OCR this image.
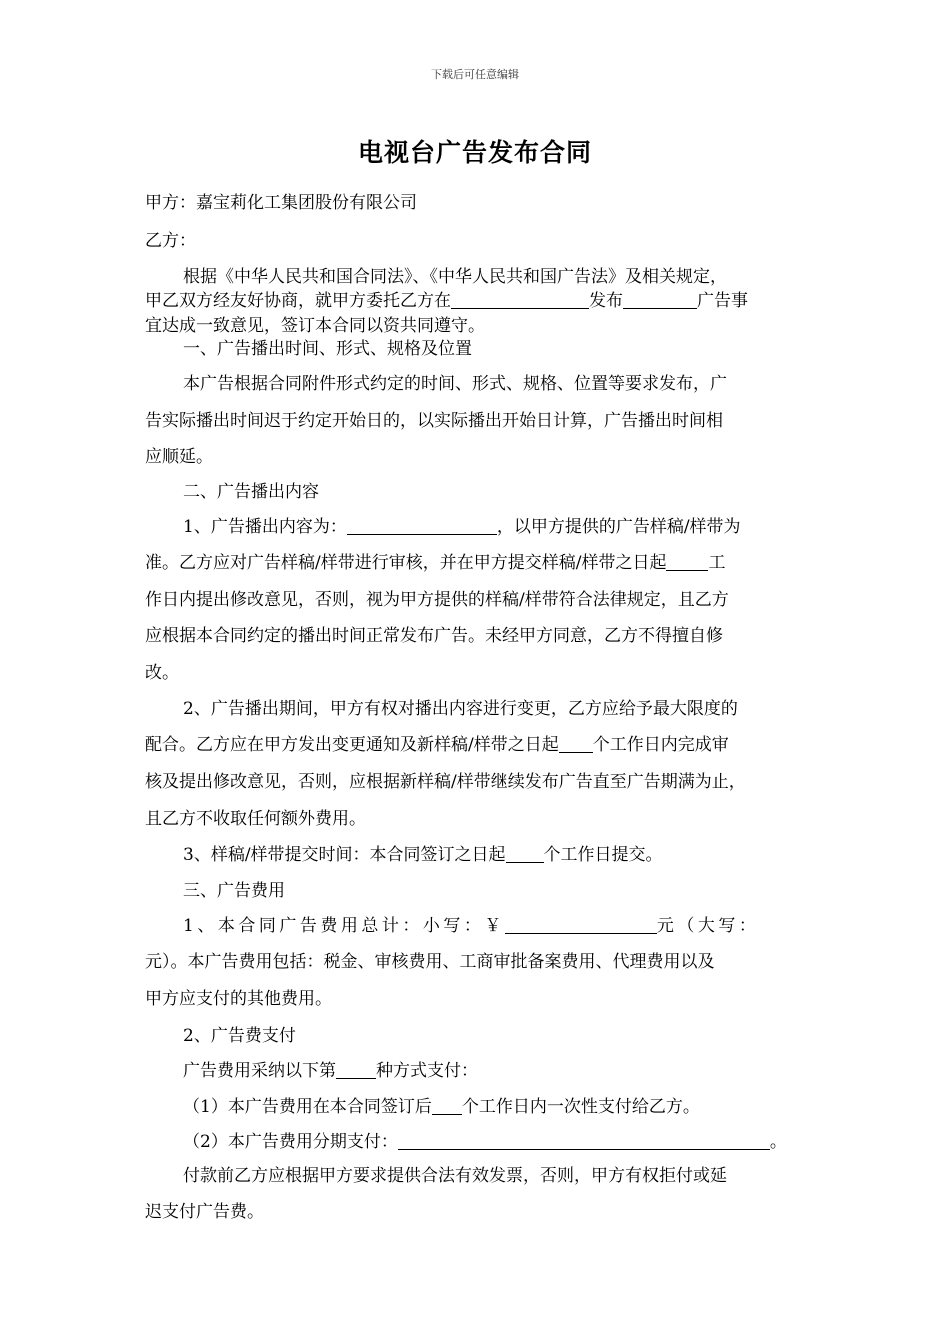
下载后可任意编辑
电视台广告发布合同
甲方：嘉宝莉化工集团股份有限公司
乙方：
根据《中华人民共和国合同法》、《中华人民共和国广告法》及相关规定，
甲乙双方经友好协商，就甲方委托乙方在	发布	广告事
宜达成一致意见，签订本合同以资共同遵守。
一、广告播出时间、形式、规格及位置
本广告根据合同附件形式约定的时间、形式、规格、位置等要求发布，广
告实际播出时间迟于约定开始日的，以实际播出开始日计算，广告播出时间相
应顺延。
二、广告播出内容
1、广告播出内容为：	，以甲方提供的广告样稿/样带为
准。乙方应对广告样稿/样带进行审核，并在甲方提交样稿/样带之日起 工
作日内提出修改意见，否则，视为甲方提供的样稿/样带符合法律规定，且乙方
应根据本合同约定的播出时间正常发布广告。未经甲方同意，乙方不得擅自修
改。
2、广告播出期间，甲方有权对播出内容进行变更，乙方应给予最大限度的
配合。乙方应在甲方发出变更通知及新样稿/样带之日起 个工作日内完成审
核及提出修改意见，否则，应根据新样稿/样带继续发布广告直至广告期满为止，
且乙方不收取任何额外费用。
3、样稿/样带提交时间：本合同签订之日起 个工作日提交。
三、广告费用
1、本合同广告费用总计：小写：￥	元（大写：
元）。本广告费用包括：税金、审核费用、工商审批备案费用、代理费用以及
甲方应支付的其他费用。
2、广告费支付
广告费用采纳以下第 种方式支付：
（1）本广告费用在本合同签订后 个工作日内一次性支付给乙方。
（2）本广告费用分期支付：	。
付款前乙方应根据甲方要求提供合法有效发票，否则，甲方有权拒付或延
迟支付广告费。
